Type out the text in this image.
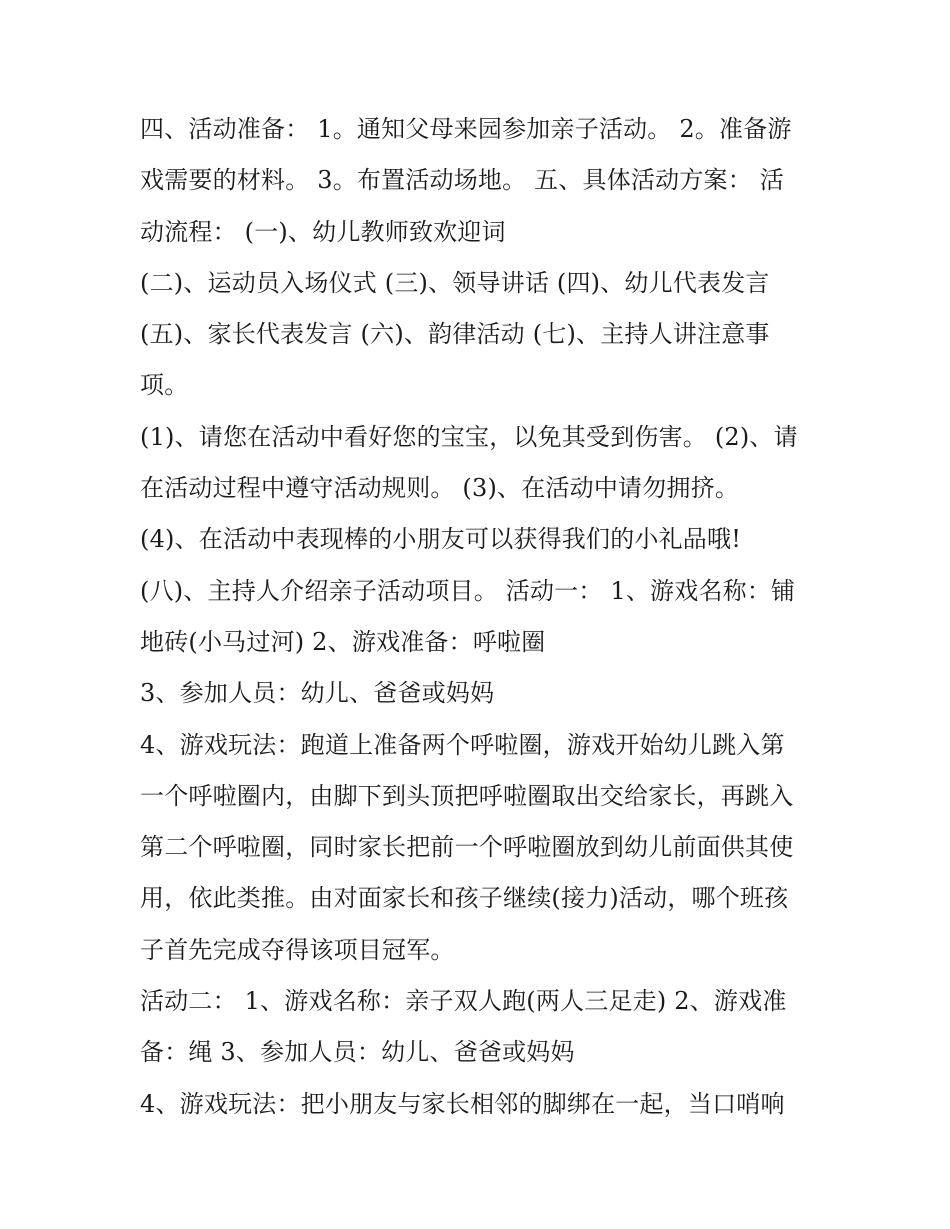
四、活动准备： 1。通知父母来园参加亲子活动。 2。准备游
戏需要的材料。 3。布置活动场地。 五、具体活动方案： 活
动流程： (一)、幼儿教师致欢迎词

(二)、运动员入场仪式 (三)、领导讲话 (四)、幼儿代表发言

(五)、家长代表发言 (六)、韵律活动 (七)、主持人讲注意事
项。

(1)、请您在活动中看好您的宝宝，以免其受到伤害。 (2)、请
在活动过程中遵守活动规则。 (3)、在活动中请勿拥挤。

(4)、在活动中表现棒的小朋友可以获得我们的小礼品哦!

(八)、主持人介绍亲子活动项目。 活动一： 1、游戏名称：铺
地砖(小马过河) 2、游戏准备：呼啦圈

3、参加人员：幼儿、爸爸或妈妈

4、游戏玩法：跑道上准备两个呼啦圈，游戏开始幼儿跳入第
一个呼啦圈内，由脚下到头顶把呼啦圈取出交给家长，再跳入
第二个呼啦圈，同时家长把前一个呼啦圈放到幼儿前面供其使
用，依此类推。由对面家长和孩子继续(接力)活动，哪个班孩
子首先完成夺得该项目冠军。

活动二： 1、游戏名称：亲子双人跑(两人三足走) 2、游戏准
备：绳 3、参加人员：幼儿、爸爸或妈妈

4、游戏玩法：把小朋友与家长相邻的脚绑在一起，当口哨响
